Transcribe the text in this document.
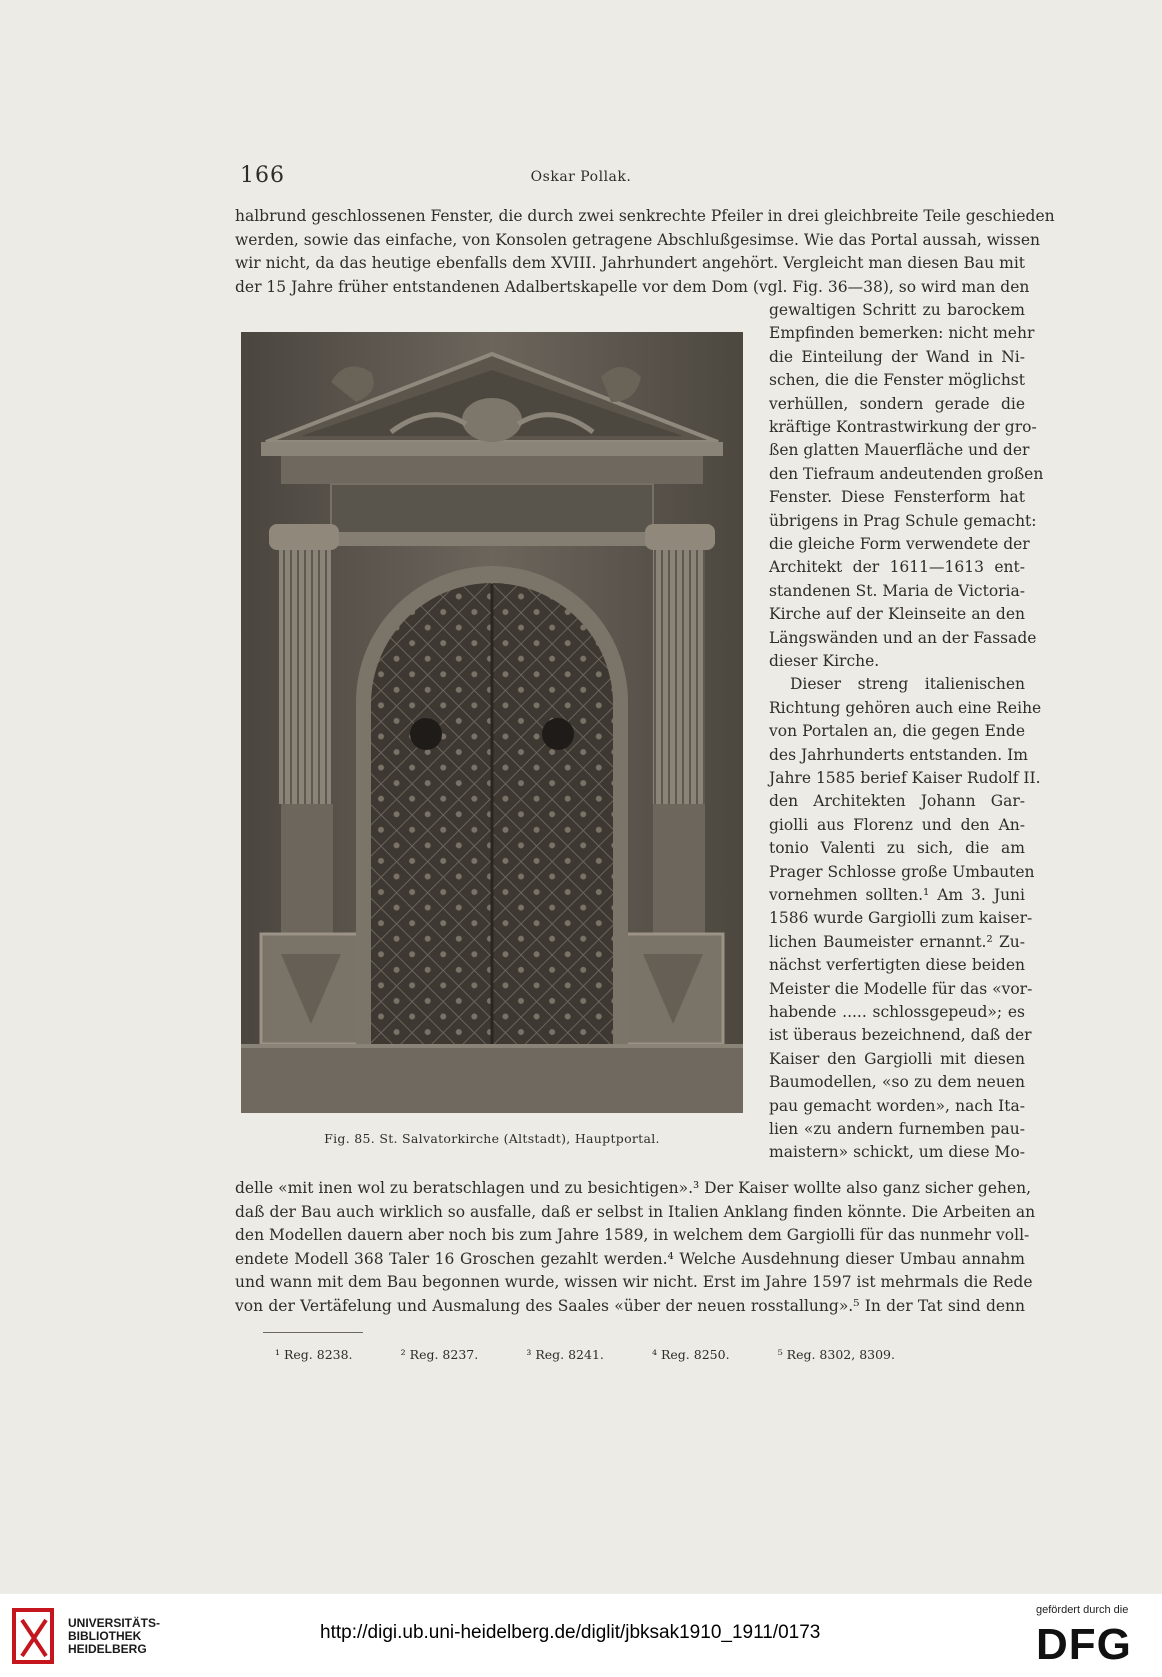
166	Oskar Pollak.
halbrund geschlossenen Fenster, die durch zwei senkrechte Pfeiler in drei gleichbreite Teile geschieden
werden, sowie das einfache, von Konsolen getragene Abschlußgesimse. Wie das Portal aussah, wissen
wir nicht, da das heutige ebenfalls dem XVIII. Jahrhundert angehört. Vergleicht man diesen Bau mit
der 15 Jahre früher entstandenen Adalbertskapelle vor dem Dom (vgl. Fig. 36—38), so wird man den
gewaltigen Schritt zu barockem
Empfinden bemerken: nicht mehr
die Einteilung der Wand in Ni-
schen, die die Fenster möglichst
verhüllen, sondern gerade die
kräftige Kontrastwirkung der gro-
ßen glatten Mauerfläche und der
den Tiefraum andeutenden großen
Fenster. Diese Fensterform hat
übrigens in Prag Schule gemacht:
die gleiche Form verwendete der
Architekt der 1611—1613 ent-
standenen St. Maria de Victoria-
Kirche auf der Kleinseite an den
Längswänden und an der Fassade
dieser Kirche.
Dieser streng italienischen
Richtung gehören auch eine Reihe
von Portalen an, die gegen Ende
des Jahrhunderts entstanden. Im
Jahre 1585 berief Kaiser Rudolf II.
den Architekten Johann Gar-
giolli aus Florenz und den An-
tonio Valenti zu sich, die am
Prager Schlosse große Umbauten
vornehmen sollten.¹ Am 3. Juni
1586 wurde Gargiolli zum kaiser-
lichen Baumeister ernannt.² Zu-
nächst verfertigten diese beiden
Meister die Modelle für das «vor-
habende ..... schlossgepeud»; es
ist überaus bezeichnend, daß der
Kaiser den Gargiolli mit diesen
Baumodellen, «so zu dem neuen
pau gemacht worden», nach Ita-
lien «zu andern furnemben pau-
maistern» schickt, um diese Mo-
delle «mit inen wol zu beratschlagen und zu besichtigen».³ Der Kaiser wollte also ganz sicher gehen,
daß der Bau auch wirklich so ausfalle, daß er selbst in Italien Anklang finden könnte. Die Arbeiten an
den Modellen dauern aber noch bis zum Jahre 1589, in welchem dem Gargiolli für das nunmehr voll-
endete Modell 368 Taler 16 Groschen gezahlt werden.⁴ Welche Ausdehnung dieser Umbau annahm
und wann mit dem Bau begonnen wurde, wissen wir nicht. Erst im Jahre 1597 ist mehrmals die Rede
von der Vertäfelung und Ausmalung des Saales «über der neuen rosstallung».⁵ In der Tat sind denn
Fig. 85. St. Salvatorkirche (Altstadt), Hauptportal.
¹ Reg. 8238.	² Reg. 8237.	³ Reg. 8241.	⁴ Reg. 8250.	⁵ Reg. 8302, 8309.
UNIVERSITÄTS-
BIBLIOTHEK
HEIDELBERG
http://digi.ub.uni-heidelberg.de/diglit/jbksak1910_1911/0173
gefördert durch die
DFG
